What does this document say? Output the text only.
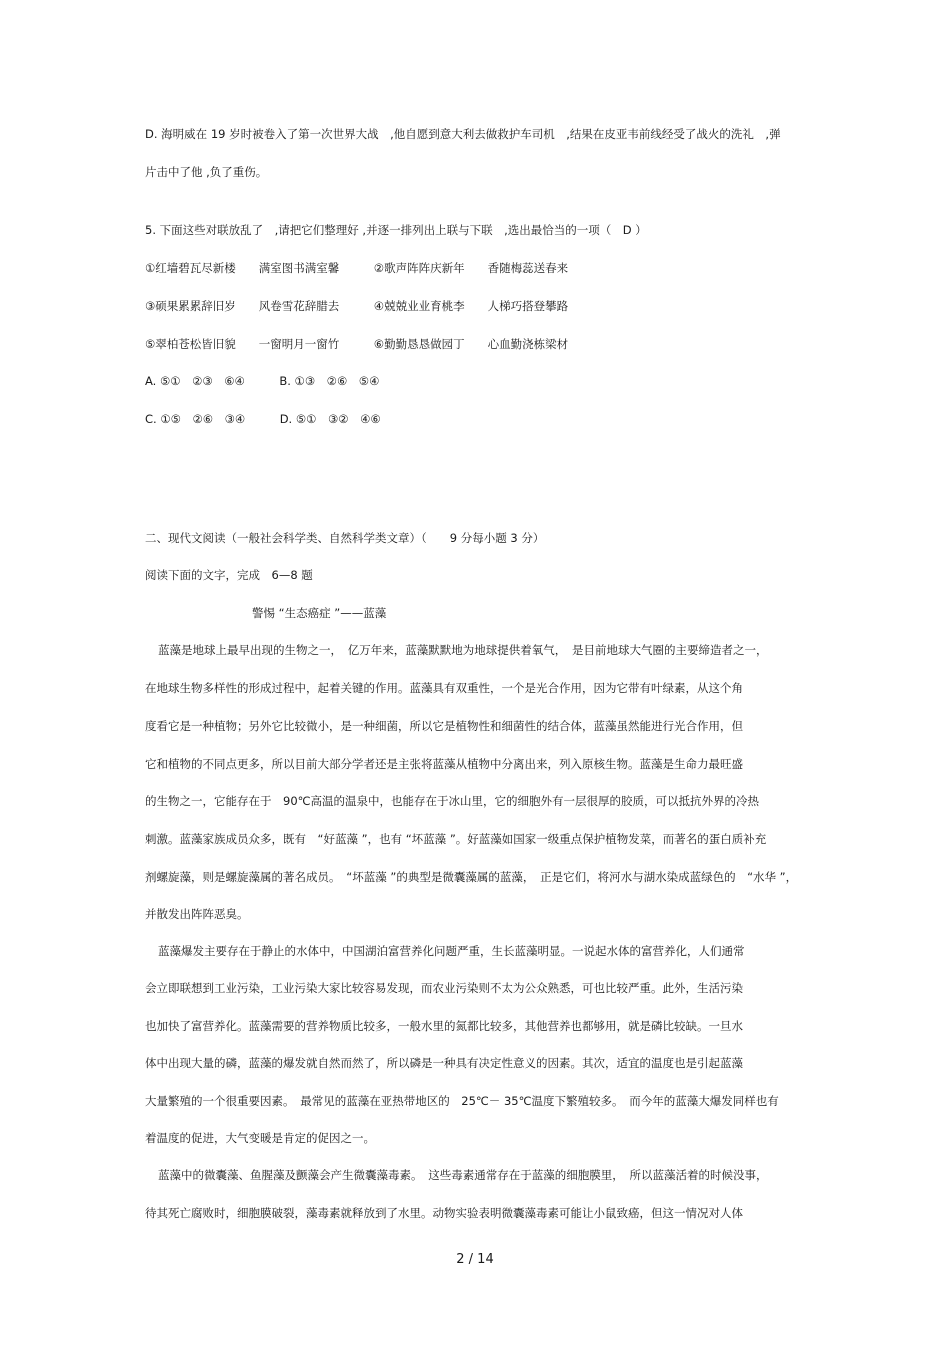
D. 海明威在 19 岁时被卷入了第一次世界大战　,他自愿到意大利去做救护车司机　,结果在皮亚韦前线经受了战火的洗礼　,弹
片击中了他 ,负了重伤。
5. 下面这些对联放乱了　,请把它们整理好 ,并逐一排列出上联与下联　,选出最恰当的一项（　D ）
①红墙碧瓦尽新楼　　满室图书满室馨　　　②歌声阵阵庆新年　　香随梅蕊送春来
③硕果累累辞旧岁　　风卷雪花辞腊去　　　④兢兢业业育桃李　　人梯巧搭登攀路
⑤翠柏苍松皆旧貌　　一窗明月一窗竹　　　⑥勤勤恳恳做园丁　　心血勤浇栋梁材
A. ⑤①　②③　⑥④　　　B. ①③　②⑥　⑤④
C. ①⑤　②⑥　③④　　　D. ⑤①　③②　④⑥
二、现代文阅读（一般社会科学类、自然科学类文章）（　　9 分每小题 3 分）
阅读下面的文字，完成　6—8 题
警惕 “生态癌症 ”——蓝藻
蓝藻是地球上最早出现的生物之一，　亿万年来，蓝藻默默地为地球提供着氧气，　是目前地球大气圈的主要缔造者之一，
在地球生物多样性的形成过程中，起着关键的作用。蓝藻具有双重性，一个是光合作用，因为它带有叶绿素，从这个角
度看它是一种植物；另外它比较微小，是一种细菌，所以它是植物性和细菌性的结合体，蓝藻虽然能进行光合作用，但
它和植物的不同点更多，所以目前大部分学者还是主张将蓝藻从植物中分离出来，列入原核生物。蓝藻是生命力最旺盛
的生物之一，它能存在于　90℃高温的温泉中，也能存在于冰山里，它的细胞外有一层很厚的胶质，可以抵抗外界的冷热
刺激。蓝藻家族成员众多，既有　“好蓝藻 ”，也有 “坏蓝藻 ”。好蓝藻如国家一级重点保护植物发菜，而著名的蛋白质补充
剂螺旋藻，则是螺旋藻属的著名成员。　“坏蓝藻 ”的典型是微囊藻属的蓝藻，　正是它们，将河水与湖水染成蓝绿色的　“水华 ”，
并散发出阵阵恶臭。
蓝藻爆发主要存在于静止的水体中，中国湖泊富营养化问题严重，生长蓝藻明显。一说起水体的富营养化，人们通常
会立即联想到工业污染，工业污染大家比较容易发现，而农业污染则不太为公众熟悉，可也比较严重。此外，生活污染
也加快了富营养化。蓝藻需要的营养物质比较多，一般水里的氮都比较多，其他营养也都够用，就是磷比较缺。一旦水
体中出现大量的磷，蓝藻的爆发就自然而然了，所以磷是一种具有决定性意义的因素。其次，适宜的温度也是引起蓝藻
大量繁殖的一个很重要因素。　最常见的蓝藻在亚热带地区的　25℃－ 35℃温度下繁殖较多。　而今年的蓝藻大爆发同样也有
着温度的促进，大气变暖是肯定的促因之一。
蓝藻中的微囊藻、鱼腥藻及颤藻会产生微囊藻毒素。　这些毒素通常存在于蓝藻的细胞膜里，　所以蓝藻活着的时候没事，
待其死亡腐败时，细胞膜破裂，藻毒素就释放到了水里。动物实验表明微囊藻毒素可能让小鼠致癌，但这一情况对人体
2 / 14
